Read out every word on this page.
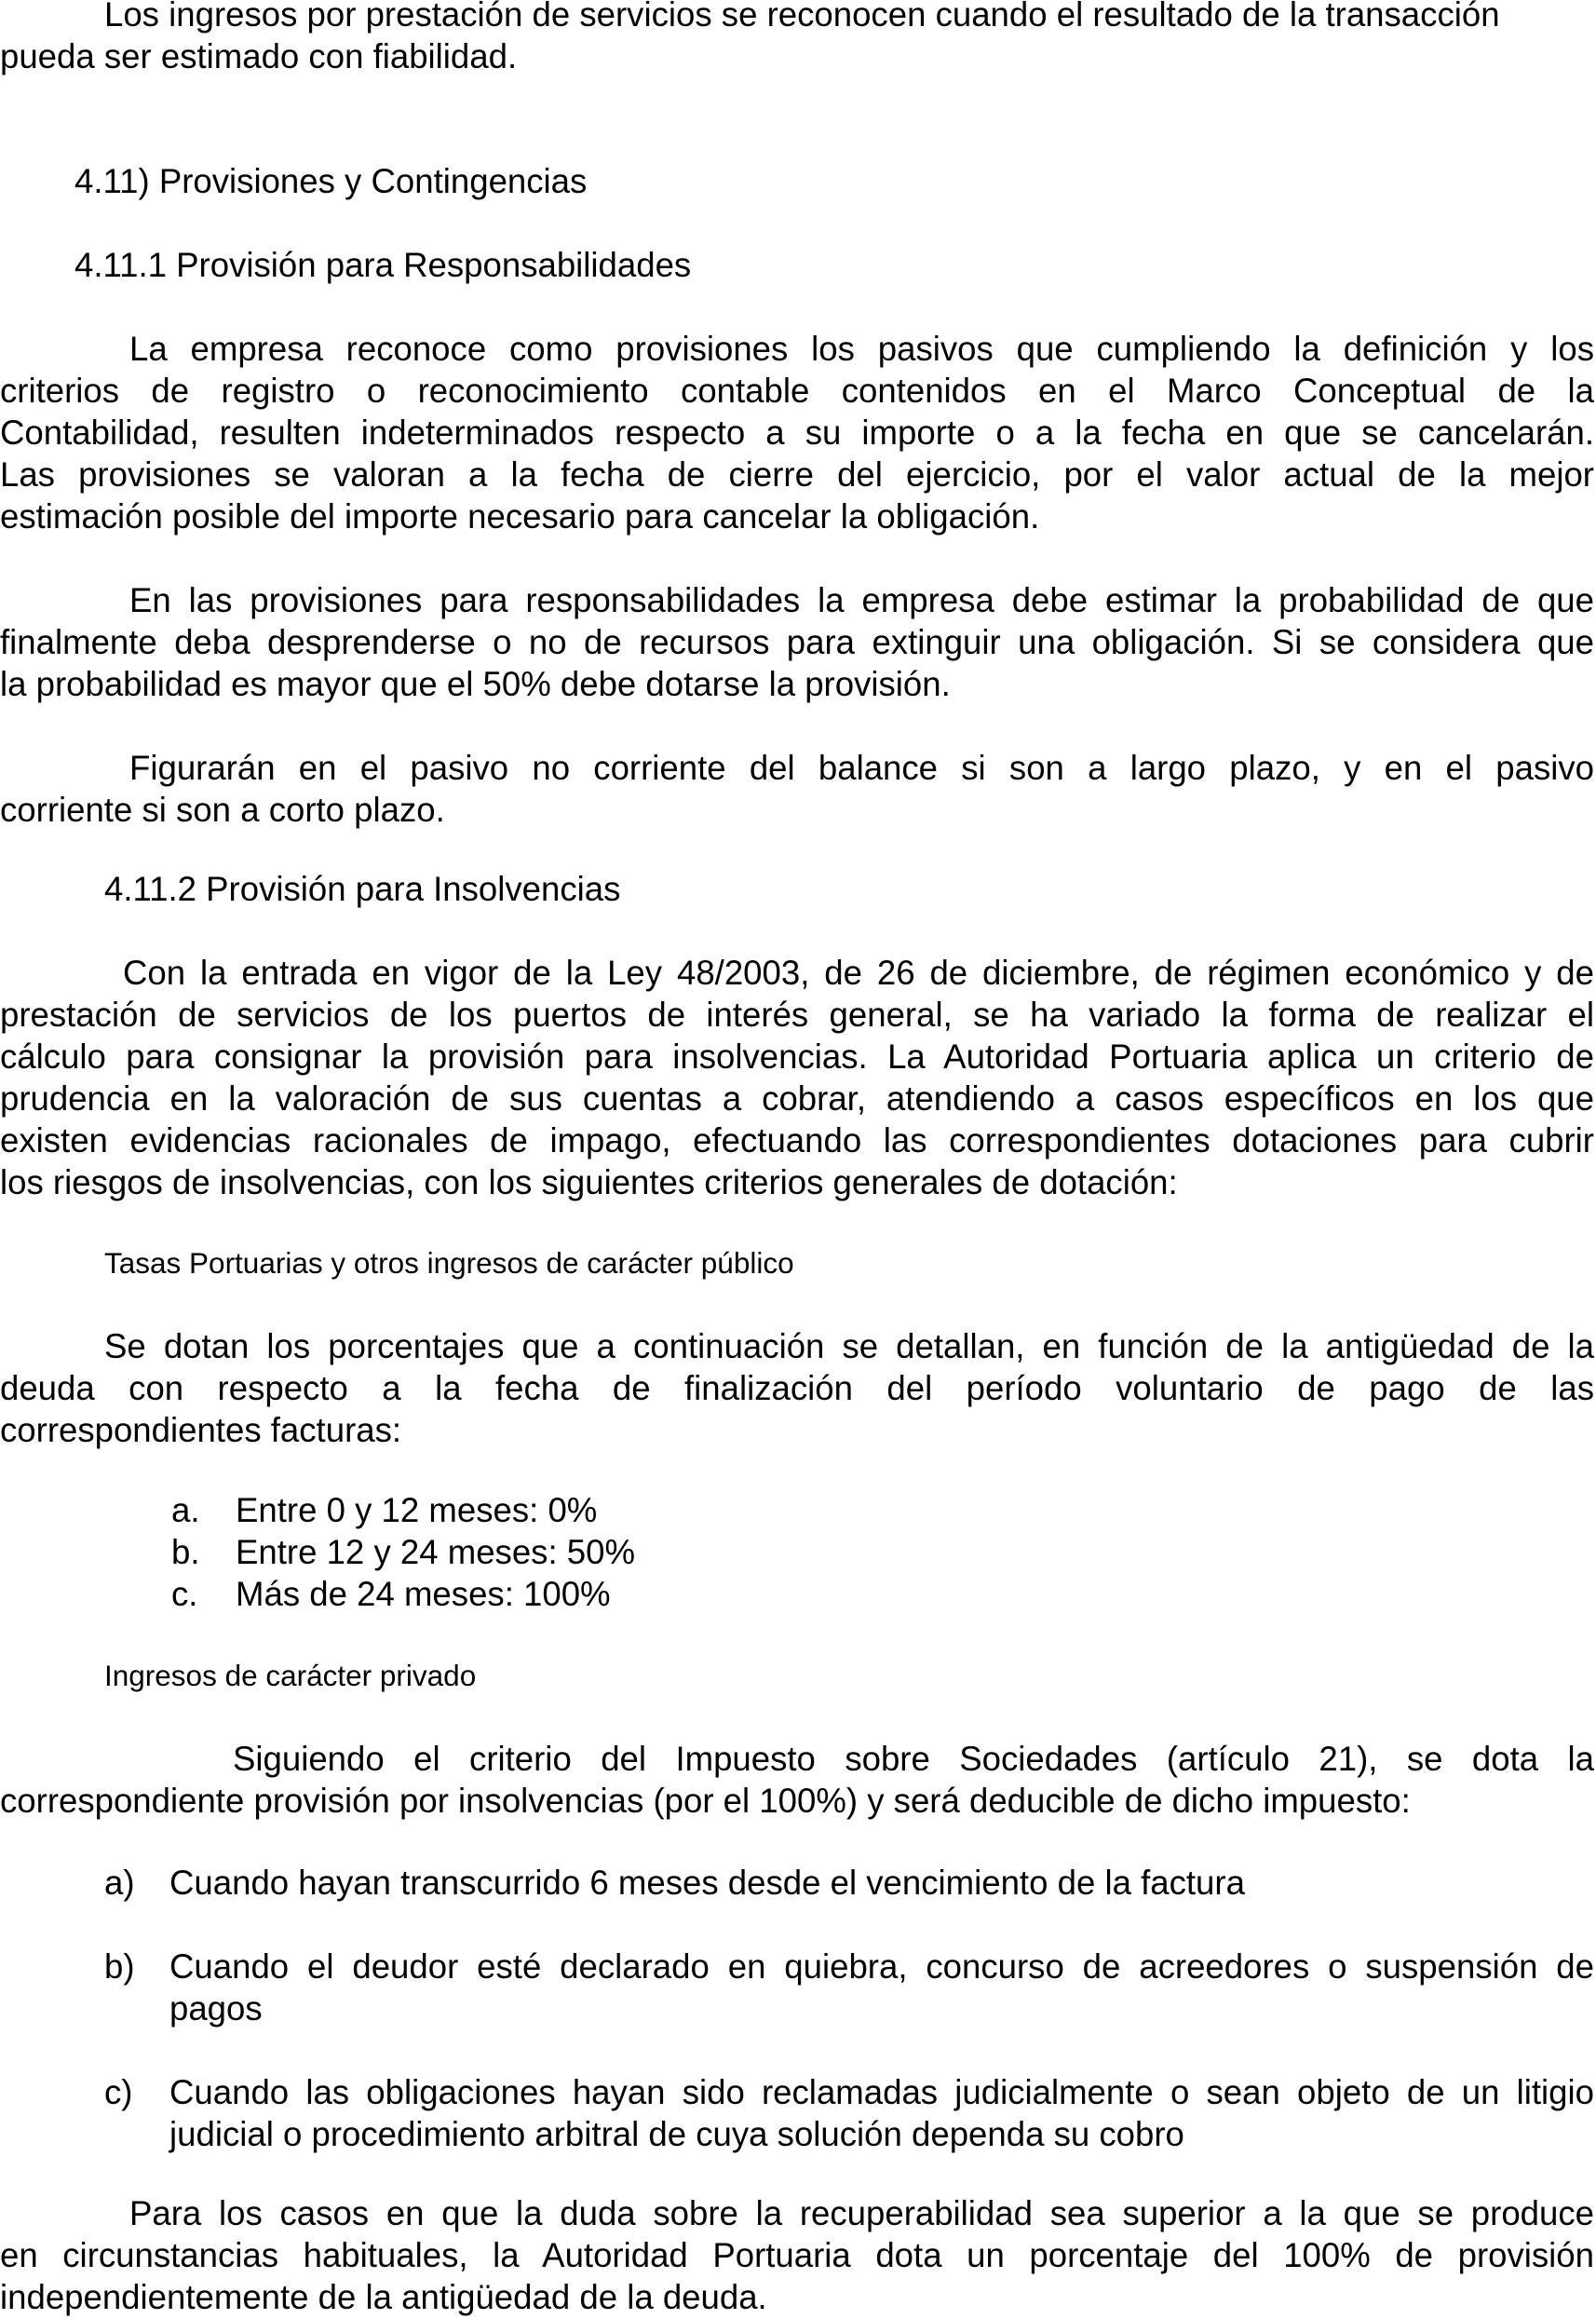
Los ingresos por prestación de servicios se reconocen cuando el resultado de la transacción
pueda ser estimado con fiabilidad.
4.11) Provisiones y Contingencias
4.11.1 Provisión para Responsabilidades
La empresa reconoce como provisiones los pasivos que cumpliendo la definición y los
criterios de registro o reconocimiento contable contenidos en el Marco Conceptual de la
Contabilidad, resulten indeterminados respecto a su importe o a la fecha en que se cancelarán.
Las provisiones se valoran a la fecha de cierre del ejercicio, por el valor actual de la mejor
estimación posible del importe necesario para cancelar la obligación.
En las provisiones para responsabilidades la empresa debe estimar la probabilidad de que
finalmente deba desprenderse o no de recursos para extinguir una obligación. Si se considera que
la probabilidad es mayor que el 50% debe dotarse la provisión.
Figurarán en el pasivo no corriente del balance si son a largo plazo, y en el pasivo
corriente si son a corto plazo.
4.11.2 Provisión para Insolvencias
Con la entrada en vigor de la Ley 48/2003, de 26 de diciembre, de régimen económico y de
prestación de servicios de los puertos de interés general, se ha variado la forma de realizar el
cálculo para consignar la provisión para insolvencias. La Autoridad Portuaria aplica un criterio de
prudencia en la valoración de sus cuentas a cobrar, atendiendo a casos específicos en los que
existen evidencias racionales de impago, efectuando las correspondientes dotaciones para cubrir
los riesgos de insolvencias, con los siguientes criterios generales de dotación:
Tasas Portuarias y otros ingresos de carácter público
Se dotan los porcentajes que a continuación se detallan, en función de la antigüedad de la
deuda con respecto a la fecha de finalización del período voluntario de pago de las
correspondientes facturas:
a. Entre 0 y 12 meses: 0%
b. Entre 12 y 24 meses: 50%
c. Más de 24 meses: 100%
Ingresos de carácter privado
Siguiendo el criterio del Impuesto sobre Sociedades (artículo 21), se dota la
correspondiente provisión por insolvencias (por el 100%) y será deducible de dicho impuesto:
a) Cuando hayan transcurrido 6 meses desde el vencimiento de la factura
b) Cuando el deudor esté declarado en quiebra, concurso de acreedores o suspensión de
pagos
c) Cuando las obligaciones hayan sido reclamadas judicialmente o sean objeto de un litigio
judicial o procedimiento arbitral de cuya solución dependa su cobro
Para los casos en que la duda sobre la recuperabilidad sea superior a la que se produce
en circunstancias habituales, la Autoridad Portuaria dota un porcentaje del 100% de provisión
independientemente de la antigüedad de la deuda.
